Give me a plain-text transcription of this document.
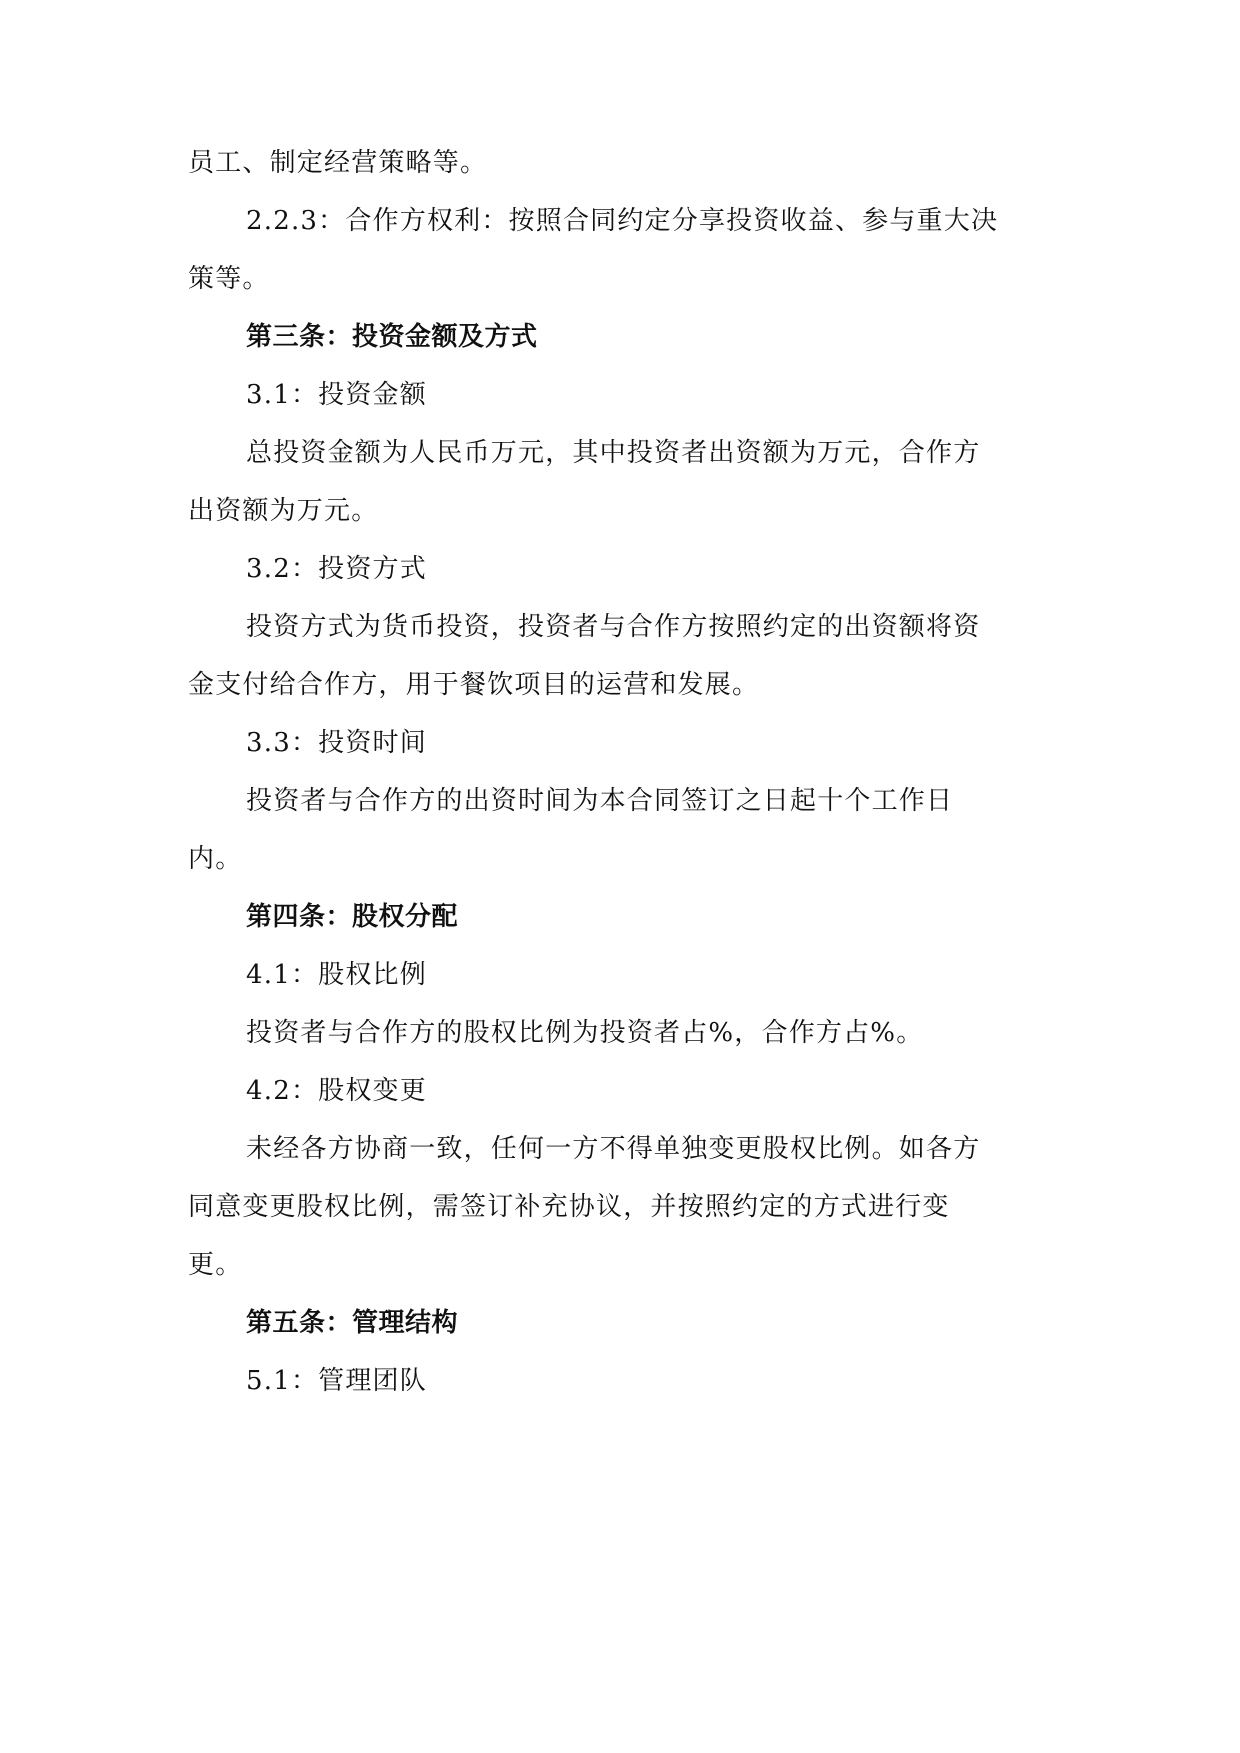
员工、制定经营策略等。
2.2.3：合作方权利：按照合同约定分享投资收益、参与重大决
策等。
第三条：投资金额及方式
3.1：投资金额
总投资金额为人民币万元，其中投资者出资额为万元，合作方
出资额为万元。
3.2：投资方式
投资方式为货币投资，投资者与合作方按照约定的出资额将资
金支付给合作方，用于餐饮项目的运营和发展。
3.3：投资时间
投资者与合作方的出资时间为本合同签订之日起十个工作日
内。
第四条：股权分配
4.1：股权比例
投资者与合作方的股权比例为投资者占%，合作方占%。
4.2：股权变更
未经各方协商一致，任何一方不得单独变更股权比例。如各方
同意变更股权比例，需签订补充协议，并按照约定的方式进行变
更。
第五条：管理结构
5.1：管理团队
